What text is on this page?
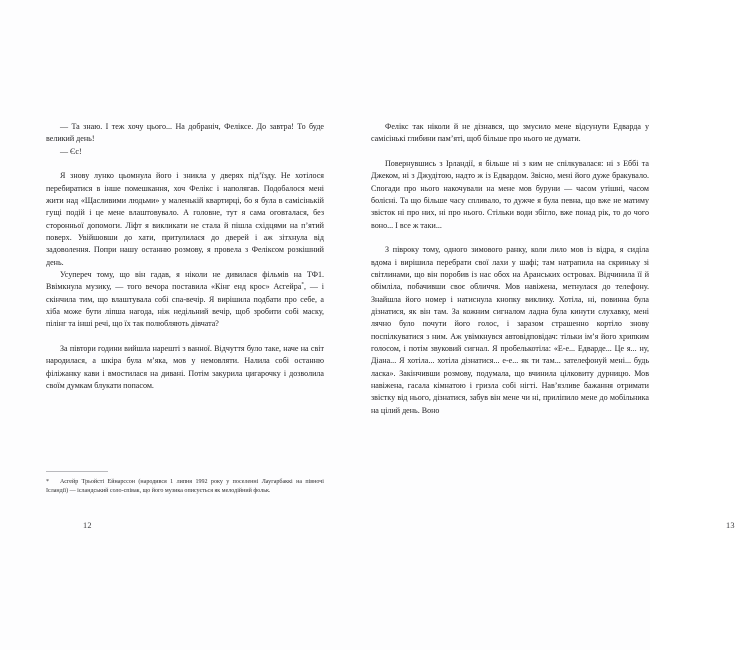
— Та знаю. І теж хочу цього... На добраніч, Феліксе. До завтра! То буде великий день!

— Єс!

Я знову лунко цьомнула його і зникла у дверях під’їзду. Не хотілося перебиратися в інше помешкання, хоч Фелікс і наполягав. Подобалося мені жити над «Щасливими людьми» у маленькій квартирці, бо я була в самісінькій гущі подій і це мене влаштовувало. А головне, тут я сама оговталася, без сторонньої допомоги. Ліфт я викликати не стала й пішла східцями на п’ятий поверх. Увійшовши до хати, притулилася до дверей і аж зітхнула від задоволення. Попри нашу останню розмову, я провела з Феліксом розкішний день.

Усупереч тому, що він гадав, я ніколи не дивилася фільмів на ТФ1. Ввімкнула музику, — того вечора поставила «Кінг енд крос» Асгейра*, — і скінчила тим, що влаштувала собі спа-вечір. Я вирішила подбати про себе, а хіба може бути ліпша нагода, ніж недільний вечір, щоб зробити собі маску, пілінг та інші речі, що їх так полюбляють дівчата?

За півтори години вийшла нарешті з ванної. Відчуття було таке, наче на світ народилася, а шкіра була м’яка, мов у немовляти. Налила собі останню філіжанку кави і вмостилася на дивані. Потім закурила цигарочку і дозволила своїм думкам блукати попасом.

* Асгейр Трьойсті Ейнарссон (народився 1 липня 1992 року у поселенні Лаугарбаккі на півночі Ісландії) — ісландський соло-співак, що його музика описується як мелодійний фольк.
12

Фелікс так ніколи й не дізнався, що змусило мене відсунути Едварда у самісінькі глибини пам’яті, щоб більше про нього не думати.

Повернувшись з Ірландії, я більше ні з ким не спілкувалася: ні з Еббі та Джеком, ні з Джудітою, надто ж із Едвардом. Звісно, мені його дуже бракувало. Спогади про нього накочували на мене мов буруни — часом утішні, часом болісні. Та що більше часу спливало, то дужче я була певна, що вже не матиму звісток ні про них, ні про нього. Стільки води збігло, вже понад рік, то до чого воно... І все ж таки...

З півроку тому, одного зимового ранку, коли лило мов із відра, я сиділа вдома і вирішила перебрати свої лахи у шафі; там натрапила на скриньку зі світлинами, що він поробив із нас обох на Аранських островах. Відчинила її й обімліла, побачивши своє обличчя. Мов навіжена, метнулася до телефону. Знайшла його номер і натиснула кнопку виклику. Хотіла, ні, повинна була дізнатися, як він там. За кожним сигналом ладна була кинути слухавку, мені лячно було почути його голос, і заразом страшенно кортіло знову поспілкуватися з ним. Аж увімкнувся автовідповідач: тільки ім’я його хрипким голосом, і потім звуковий сигнал. Я пробелькотіла: «Е-е... Едварде... Це я... ну, Діана... Я хотіла... хотіла дізнатися... е-е... як ти там... зателефонуй мені... будь ласка». Закінчивши розмову, подумала, що вчинила цілковиту дурницю. Мов навіжена, гасала кімнатою і гризла собі нігті. Нав’язливе бажання отримати звістку від нього, дізнатися, забув він мене чи ні, приліпило мене до мобільника на цілий день. Воно

13
